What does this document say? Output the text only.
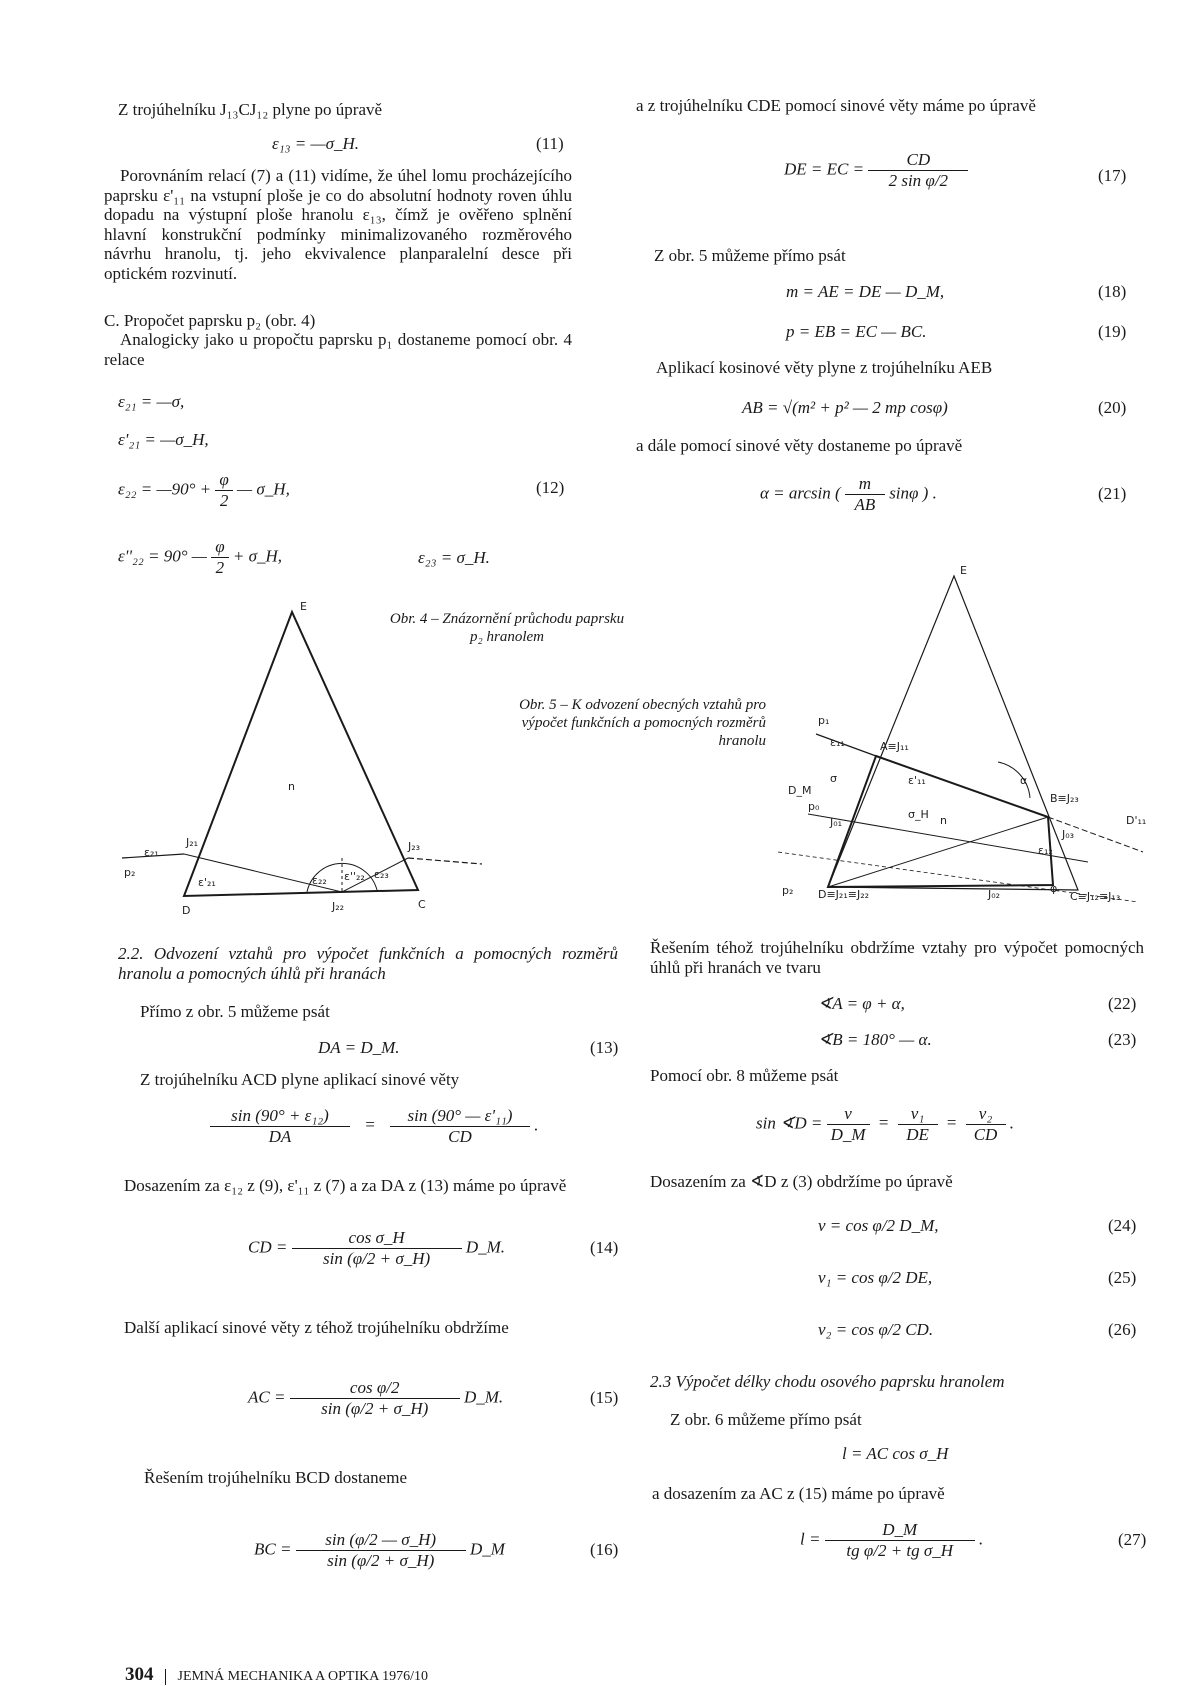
Z trojúhelníku J₁₃CJ₁₂ plyne po úpravě
ε₁₃ = —σ_H.	(11)
Porovnáním relací (7) a (11) vidíme, že úhel lomu procházejícího paprsku ε'₁₁ na vstupní ploše je co do absolutní hodnoty roven úhlu dopadu na výstupní ploše hranolu ε₁₃, čímž je ověřeno splnění hlavní konstrukční podmínky minimalizovaného rozměrového návrhu hranolu, tj. jeho ekvivalence planparalelní desce při optickém rozvinutí.
C. Propočet paprsku p₂ (obr. 4)
Analogicky jako u propočtu paprsku p₁ dostaneme pomocí obr. 4 relace
ε₂₁ = —σ,
ε'₂₁ = —σ_H,
ε₂₂ = —90° + $\frac{\varphi}{2}$ — σ_H,	(12)
ε''₂₂ = 90° — $\frac{\varphi}{2}$ + σ_H,	ε₂₃ = σ_H.
E
n
D	C
J₂₂
J₂₁	J₂₃
p₂
ε₂₁
ε'₂₁	ε₂₂ ε''₂₂ ε₂₃
Obr. 4 – Znázornění průchodu paprsku p₂ hranolem
Obr. 5 – K odvození obecných vztahů pro výpočet funkčních a pomocných rozměrů hranolu
2.2. Odvození vztahů pro výpočet funkčních a pomocných rozměrů hranolu a pomocných úhlů při hranách
Přímo z obr. 5 můžeme psát
DA = D_M.	(13)
Z trojúhelníku ACD plyne aplikací sinové věty
$\frac{\text{sin (90° + ε₁₂)}}{DA} = \frac{\text{sin (90° — ε'₁₁)}}{CD}$ .
Dosazením za ε₁₂ z (9), ε'₁₁ z (7) a za DA z (13) máme po úpravě
CD = $\frac{\text{cos σ\_H}}{\sin (\varphi/2 + \sigma\_H)}$ D_M.	(14)
Další aplikací sinové věty z téhož trojúhelníku obdržíme
AC = $\frac{\text{cos φ/2}}{\sin (\varphi/2 + \sigma\_H)}$ D_M.	(15)
Řešením trojúhelníku BCD dostaneme
BC = $\frac{\sin (\varphi/2 — \sigma\_H)}{\sin (\varphi/2 + \sigma\_H)}$ D_M	(16)
a z trojúhelníku CDE pomocí sinové věty máme po úpravě
DE = EC = $\frac{CD}{\text{2 sin φ/2}}$	(17)
Z obr. 5 můžeme přímo psát
m = AE = DE — D_M,	(18)
p = EB = EC — BC.	(19)
Aplikací kosinové věty plyne z trojúhelníku AEB
AB = √(m² + p² — 2 mp cosφ)	(20)
a dále pomocí sinové věty dostaneme po úpravě
α = arcsin ( $\frac{m}{AB}$ sinφ ) .	(21)
E
p₁
A≡J₁₁
ε₁₁
ε'₁₁
D_M
σ
σ_H n
α
B≡J₂₃
D'₁₁
p₀
J₀₁
J₀₃
ε₁₂
p₂ D≡J₂₁≡J₂₂	J₀₂	φ
C≡J₁₂≡J₁₃
Řešením téhož trojúhelníku obdržíme vztahy pro výpočet pomocných úhlů při hranách ve tvaru
∢A = φ + α,	(22)
∢B = 180° — α.	(23)
Pomocí obr. 8 můžeme psát
sin ∢D = $\frac{v}{D\_M} = \frac{\text{v₁}}{DE} = \frac{\text{v₂}}{CD}$ .
Dosazením za ∢D z (3) obdržíme po úpravě
v = cos φ/2 D_M,	(24)
v₁ = cos φ/2 DE,	(25)
v₂ = cos φ/2 CD.	(26)
2.3 Výpočet délky chodu osového paprsku hranolem
Z obr. 6 můžeme přímo psát
l = AC cos σ_H
a dosazením za AC z (15) máme po úpravě
$l = \frac{D\_M}{\text{tg φ/2 + tg σ\_H}}$ .	(27)
304 JEMNÁ MECHANIKA A OPTIKA 1976/10
